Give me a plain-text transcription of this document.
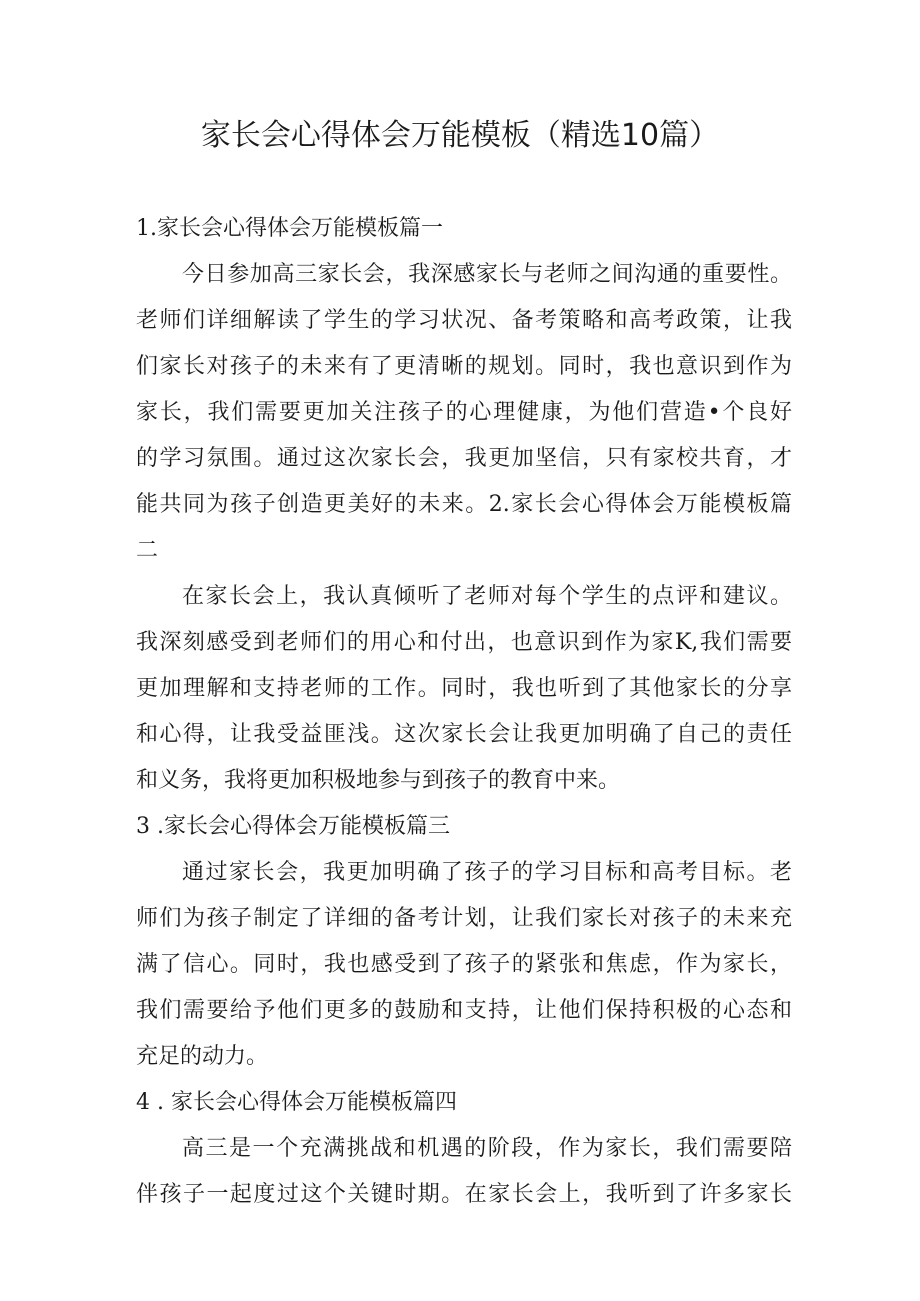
家长会心得体会万能模板（精选10篇）
1.家长会心得体会万能模板篇一
今日参加高三家长会，我深感家长与老师之间沟通的重要性。
老师们详细解读了学生的学习状况、备考策略和高考政策，让我
们家长对孩子的未来有了更清晰的规划。同时，我也意识到作为
家长，我们需要更加关注孩子的心理健康，为他们营造•个良好
的学习氛围。通过这次家长会，我更加坚信，只有家校共育，才
能共同为孩子创造更美好的未来。2.家长会心得体会万能模板篇
二
在家长会上，我认真倾听了老师对每个学生的点评和建议。
我深刻感受到老师们的用心和付出，也意识到作为家K,我们需要
更加理解和支持老师的工作。同时，我也听到了其他家长的分享
和心得，让我受益匪浅。这次家长会让我更加明确了自己的责任
和义务，我将更加积极地参与到孩子的教育中来。
3 .家长会心得体会万能模板篇三
通过家长会，我更加明确了孩子的学习目标和高考目标。老
师们为孩子制定了详细的备考计划，让我们家长对孩子的未来充
满了信心。同时，我也感受到了孩子的紧张和焦虑，作为家长，
我们需要给予他们更多的鼓励和支持，让他们保持积极的心态和
充足的动力。
4 . 家长会心得体会万能模板篇四
高三是一个充满挑战和机遇的阶段，作为家长，我们需要陪
伴孩子一起度过这个关键时期。在家长会上，我听到了许多家长
